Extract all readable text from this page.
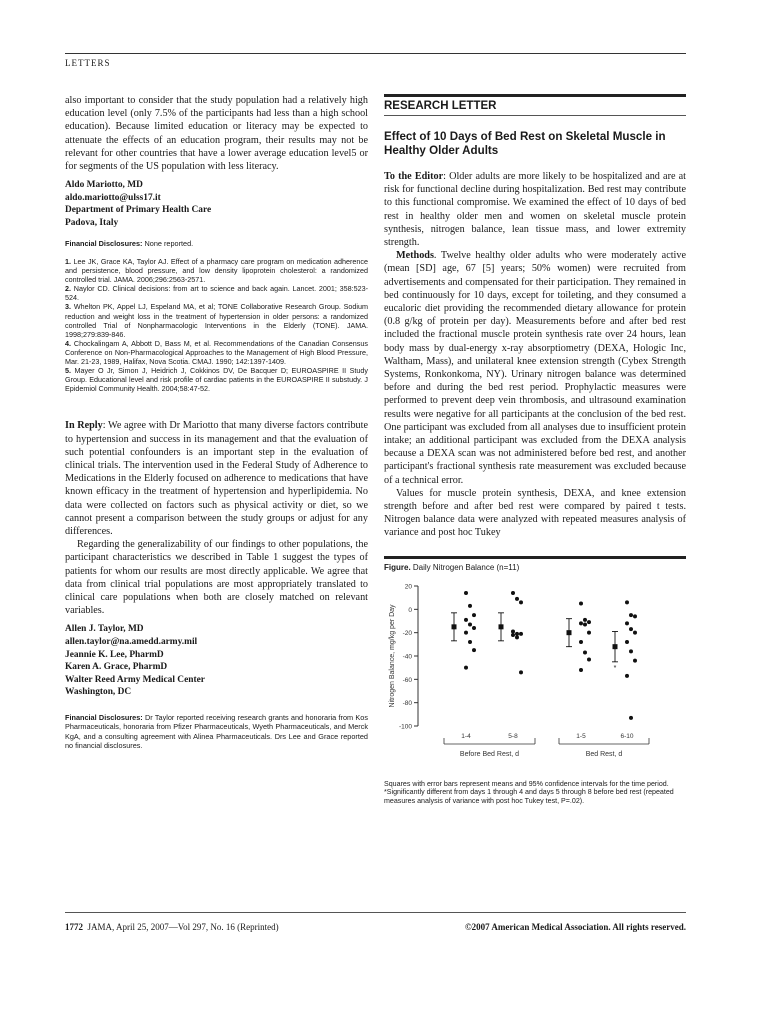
LETTERS

also important to consider that the study population had a relatively high education level (only 7.5% of the participants had less than a high school education). Because limited education or literacy may be expected to attenuate the effects of an education program, their results may not be relevant for other countries that have a lower average education level5 or for segments of the US population with less literacy.

Aldo Mariotto, MD
aldo.mariotto@ulss17.it
Department of Primary Health Care
Padova, Italy
Financial Disclosures: None reported.
1. Lee JK, Grace KA, Taylor AJ. Effect of a pharmacy care program on medication adherence and persistence, blood pressure, and low density lipoprotein cholesterol: a randomized controlled trial. JAMA. 2006;296:2563-2571.
2. Naylor CD. Clinical decisions: from art to science and back again. Lancet. 2001; 358:523-524.
3. Whelton PK, Appel LJ, Espeland MA, et al; TONE Collaborative Research Group. Sodium reduction and weight loss in the treatment of hypertension in older persons: a randomized controlled Trial of Nonpharmacologic Interventions in the Elderly (TONE). JAMA. 1998;279:839-846.
4. Chockalingam A, Abbott D, Bass M, et al. Recommendations of the Canadian Consensus Conference on Non-Pharmacological Approaches to the Management of High Blood Pressure, Mar. 21-23, 1989, Halifax, Nova Scotia. CMAJ. 1990; 142:1397-1409.
5. Mayer O Jr, Simon J, Heidrich J, Cokkinos DV, De Bacquer D; EUROASPIRE II Study Group. Educational level and risk profile of cardiac patients in the EUROASPIRE II substudy. J Epidemiol Community Health. 2004;58:47-52.

In Reply: We agree with Dr Mariotto that many diverse factors contribute to hypertension and success in its management and that the evaluation of such potential confounders is an important step in the evaluation of clinical trials. The intervention used in the Federal Study of Adherence to Medications in the Elderly focused on adherence to medications that have known efficacy in the treatment of hypertension and hyperlipidemia. No data were collected on factors such as physical activity or diet, so we cannot present a comparison between the study groups or adjust for any differences.

Regarding the generalizability of our findings to other populations, the participant characteristics we described in Table 1 suggest the types of patients for whom our results are most directly applicable. We agree that data from clinical trial populations are most appropriately translated to clinical care populations when both are closely matched on relevant variables.

Allen J. Taylor, MD
allen.taylor@na.amedd.army.mil
Jeannie K. Lee, PharmD
Karen A. Grace, PharmD
Walter Reed Army Medical Center
Washington, DC
Financial Disclosures: Dr Taylor reported receiving research grants and honoraria from Kos Pharmaceuticals, honoraria from Pfizer Pharmaceuticals, Wyeth Pharmaceuticals, and Merck KgA, and a consulting agreement with Alinea Pharmaceuticals. Drs Lee and Grace reported no financial disclosures.
RESEARCH LETTER
Effect of 10 Days of Bed Rest on Skeletal Muscle in Healthy Older Adults

To the Editor: Older adults are more likely to be hospitalized and are at risk for functional decline during hospitalization. Bed rest may contribute to this functional compromise. We examined the effect of 10 days of bed rest in healthy older men and women on skeletal muscle protein synthesis, nitrogen balance, lean tissue mass, and lower extremity strength.

Methods. Twelve healthy older adults who were moderately active (mean [SD] age, 67 [5] years; 50% women) were recruited from advertisements and compensated for their participation. They remained in bed continuously for 10 days, except for toileting, and they consumed a eucaloric diet providing the recommended dietary allowance for protein (0.8 g/kg of protein per day). Measurements before and after bed rest included the fractional muscle protein synthesis rate over 24 hours, lean body mass by dual-energy x-ray absorptiometry (DEXA, Hologic Inc, Waltham, Mass), and unilateral knee extension strength (Cybex Strength Systems, Ronkonkoma, NY). Urinary nitrogen balance was determined before and during the bed rest period. Prophylactic measures were performed to prevent deep vein thrombosis, and ultrasound examination results were negative for all participants at the conclusion of the bed rest. One participant was excluded from all analyses due to insufficient protein intake; an additional participant was excluded from the DEXA analysis because a DEXA scan was not administered before bed rest, and another participant's fractional synthesis rate measurement was excluded because of a technical error.

Values for muscle protein synthesis, DEXA, and knee extension strength before and after bed rest were compared by paired t tests. Nitrogen balance data were analyzed with repeated measures analysis of variance and post hoc Tukey

Figure. Daily Nitrogen Balance (n=11)
20
0
-20
-40
-60
-80
-100
Nitrogen Balance, mg/kg per Day
1-4	5-8	1-5	6-10
Before Bed Rest, d	Bed Rest, d
*
Squares with error bars represent means and 95% confidence intervals for the time period.
*Significantly different from days 1 through 4 and days 5 through 8 before bed rest (repeated measures analysis of variance with post hoc Tukey test, P=.02).
1772 JAMA, April 25, 2007—Vol 297, No. 16 (Reprinted)	©2007 American Medical Association. All rights reserved.
